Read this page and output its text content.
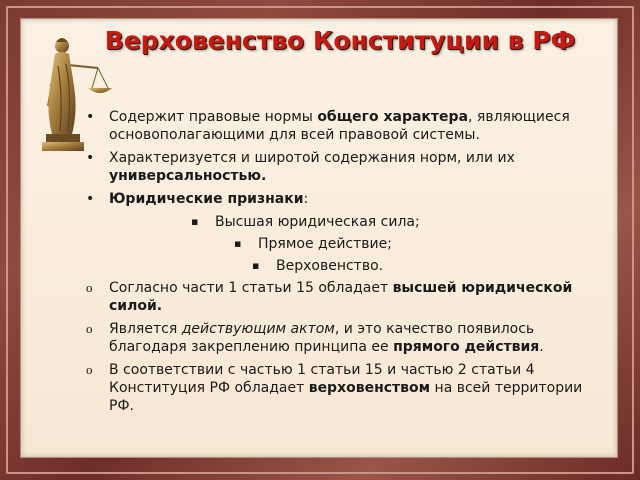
Верховенство Конституции в РФ
•	Содержит правовые нормы общего характера, являющиеся основополагающими для всей правовой системы.
•	Характеризуется и широтой содержания норм, или их универсальностью.
•	Юридические признаки:
▪	Высшая юридическая сила;
▪	Прямое действие;
▪	Верховенство.
o	Согласно части 1 статьи 15 обладает высшей юридической силой.
o	Является действующим актом, и это качество появилось благодаря закреплению принципа ее прямого действия.
o	В соответствии с частью 1 статьи 15 и частью 2 статьи 4 Конституция РФ обладает верховенством на всей территории РФ.
